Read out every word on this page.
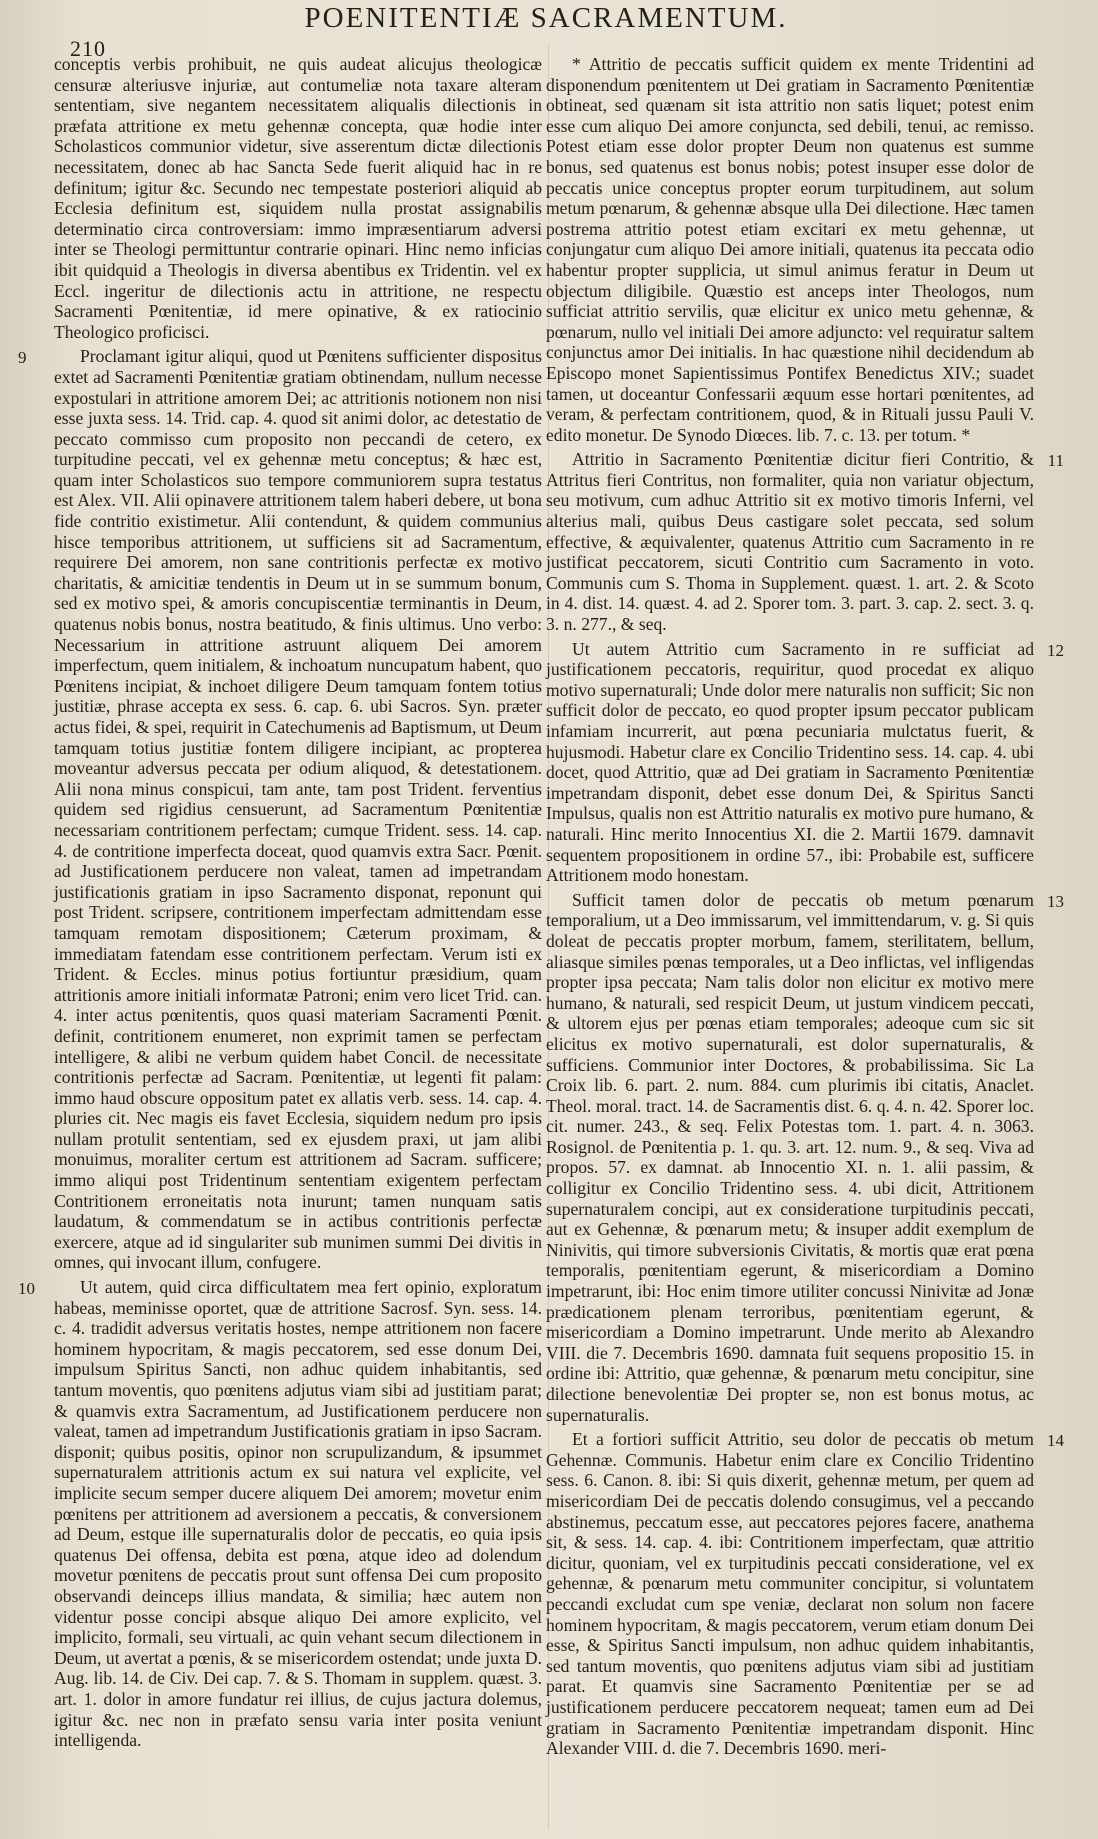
210
POENITENTIÆ SACRAMENTUM.

conceptis verbis prohibuit, ne quis audeat alicujus theologicæ censuræ alteriusve injuriæ, aut contumeliæ nota taxare alteram sententiam, sive negantem necessitatem aliqualis dilectionis in præfata attritione ex metu gehennæ concepta, quæ hodie inter Scholasticos communior videtur, sive asserentum dictæ dilectionis necessitatem, donec ab hac Sancta Sede fuerit aliquid hac in re definitum; igitur &c. Secundo nec tempestate posteriori aliquid ab Ecclesia definitum est, siquidem nulla prostat assignabilis determinatio circa controversiam: immo impræsentiarum adversi inter se Theologi permittuntur contrarie opinari. Hinc nemo inficias ibit quidquid a Theologis in diversa abentibus ex Tridentin. vel ex Eccl. ingeritur de dilectionis actu in attritione, ne respectu Sacramenti Pœnitentiæ, id mere opinative, & ex ratiocinio Theologico proficisci.

9	Proclamant igitur aliqui, quod ut Pœnitens sufficienter dispositus extet ad Sacramenti Pœnitentiæ gratiam obtinendam, nullum necesse expostulari in attritione amorem Dei; ac attritionis notionem non nisi esse juxta sess. 14. Trid. cap. 4. quod sit animi dolor, ac detestatio de peccato commisso cum proposito non peccandi de cetero, ex turpitudine peccati, vel ex gehennæ metu conceptus; & hæc est, quam inter Scholasticos suo tempore communiorem supra testatus est Alex. VII. Alii opinavere attritionem talem haberi debere, ut bona fide contritio existimetur. Alii contendunt, & quidem communius hisce temporibus attritionem, ut sufficiens sit ad Sacramentum, requirere Dei amorem, non sane contritionis perfectæ ex motivo charitatis, & amicitiæ tendentis in Deum ut in se summum bonum, sed ex motivo spei, & amoris concupiscentiæ terminantis in Deum, quatenus nobis bonus, nostra beatitudo, & finis ultimus. Uno verbo: Necessarium in attritione astruunt aliquem Dei amorem imperfectum, quem initialem, & inchoatum nuncupatum habent, quo Pœnitens incipiat, & inchoet diligere Deum tamquam fontem totius justitiæ, phrase accepta ex sess. 6. cap. 6. ubi Sacros. Syn. præter actus fidei, & spei, requirit in Catechumenis ad Baptismum, ut Deum tamquam totius justitiæ fontem diligere incipiant, ac propterea moveantur adversus peccata per odium aliquod, & detestationem. Alii nona minus conspicui, tam ante, tam post Trident. ferventius quidem sed rigidius censuerunt, ad Sacramentum Pœnitentiæ necessariam contritionem perfectam; cumque Trident. sess. 14. cap. 4. de contritione imperfecta doceat, quod quamvis extra Sacr. Pœnit. ad Justificationem perducere non valeat, tamen ad impetrandam justificationis gratiam in ipso Sacramento disponat, reponunt qui post Trident. scripsere, contritionem imperfectam admittendam esse tamquam remotam dispositionem; Cæterum proximam, & immediatam fatendam esse contritionem perfectam. Verum isti ex Trident. & Eccles. minus potius fortiuntur præsidium, quam attritionis amore initiali informatæ Patroni; enim vero licet Trid. can. 4. inter actus pœnitentis, quos quasi materiam Sacramenti Pœnit. definit, contritionem enumeret, non exprimit tamen se perfectam intelligere, & alibi ne verbum quidem habet Concil. de necessitate contritionis perfectæ ad Sacram. Pœnitentiæ, ut legenti fit palam: immo haud obscure oppositum patet ex allatis verb. sess. 14. cap. 4. pluries cit. Nec magis eis favet Ecclesia, siquidem nedum pro ipsis nullam protulit sententiam, sed ex ejusdem praxi, ut jam alibi monuimus, moraliter certum est attritionem ad Sacram. sufficere; immo aliqui post Tridentinum sententiam exigentem perfectam Contritionem erroneitatis nota inurunt; tamen nunquam satis laudatum, & commendatum se in actibus contritionis perfectæ exercere, atque ad id singulariter sub munimen summi Dei divitis in omnes, qui invocant illum, confugere.

10	Ut autem, quid circa difficultatem mea fert opinio, exploratum habeas, meminisse oportet, quæ de attritione Sacrosf. Syn. sess. 14. c. 4. tradidit adversus veritatis hostes, nempe attritionem non facere hominem hypocritam, & magis peccatorem, sed esse donum Dei, impulsum Spiritus Sancti, non adhuc quidem inhabitantis, sed tantum moventis, quo pœnitens adjutus viam sibi ad justitiam parat; & quamvis extra Sacramentum, ad Justificationem perducere non valeat, tamen ad impetrandum Justificationis gratiam in ipso Sacram. disponit; quibus positis, opinor non scrupulizandum, & ipsummet supernaturalem attritionis actum ex sui natura vel explicite, vel implicite secum semper ducere aliquem Dei amorem; movetur enim pœnitens per attritionem ad aversionem a peccatis, & conversionem ad Deum, estque ille supernaturalis dolor de peccatis, eo quia ipsis quatenus Dei offensa, debita est pœna, atque ideo ad dolendum movetur pœnitens de peccatis prout sunt offensa Dei cum proposito observandi deinceps illius mandata, & similia; hæc autem non videntur posse concipi absque aliquo Dei amore explicito, vel implicito, formali, seu virtuali, ac quin vehant secum dilectionem in Deum, ut avertat a pœnis, & se misericordem ostendat; unde juxta D. Aug. lib. 14. de Civ. Dei cap. 7. & S. Thomam in supplem. quæst. 3. art. 1. dolor in amore fundatur rei illius, de cujus jactura dolemus, igitur &c. nec non in præfato sensu varia inter posita veniunt intelligenda.

* Attritio de peccatis sufficit quidem ex mente Tridentini ad disponendum pœnitentem ut Dei gratiam in Sacramento Pœnitentiæ obtineat, sed quænam sit ista attritio non satis liquet; potest enim esse cum aliquo Dei amore conjuncta, sed debili, tenui, ac remisso. Potest etiam esse dolor propter Deum non quatenus est summe bonus, sed quatenus est bonus nobis; potest insuper esse dolor de peccatis unice conceptus propter eorum turpitudinem, aut solum metum pœnarum, & gehennæ absque ulla Dei dilectione. Hæc tamen postrema attritio potest etiam excitari ex metu gehennæ, ut conjungatur cum aliquo Dei amore initiali, quatenus ita peccata odio habentur propter supplicia, ut simul animus feratur in Deum ut objectum diligibile. Quæstio est anceps inter Theologos, num sufficiat attritio servilis, quæ elicitur ex unico metu gehennæ, & pœnarum, nullo vel initiali Dei amore adjuncto: vel requiratur saltem conjunctus amor Dei initialis. In hac quæstione nihil decidendum ab Episcopo monet Sapientissimus Pontifex Benedictus XIV.; suadet tamen, ut doceantur Confessarii æquum esse hortari pœnitentes, ad veram, & perfectam contritionem, quod, & in Rituali jussu Pauli V. edito monetur. De Synodo Diœces. lib. 7. c. 13. per totum. *

11

Attritio in Sacramento Pœnitentiæ dicitur fieri Contritio, & Attritus fieri Contritus, non formaliter, quia non variatur objectum, seu motivum, cum adhuc Attritio sit ex motivo timoris Inferni, vel alterius mali, quibus Deus castigare solet peccata, sed solum effective, & æquivalenter, quatenus Attritio cum Sacramento in re justificat peccatorem, sicuti Contritio cum Sacramento in voto. Communis cum S. Thoma in Supplement. quæst. 1. art. 2. & Scoto in 4. dist. 14. quæst. 4. ad 2. Sporer tom. 3. part. 3. cap. 2. sect. 3. q. 3. n. 277., & seq.

12

Ut autem Attritio cum Sacramento in re sufficiat ad justificationem peccatoris, requiritur, quod procedat ex aliquo motivo supernaturali; Unde dolor mere naturalis non sufficit; Sic non sufficit dolor de peccato, eo quod propter ipsum peccator publicam infamiam incurrerit, aut pœna pecuniaria mulctatus fuerit, & hujusmodi. Habetur clare ex Concilio Tridentino sess. 14. cap. 4. ubi docet, quod Attritio, quæ ad Dei gratiam in Sacramento Pœnitentiæ impetrandam disponit, debet esse donum Dei, & Spiritus Sancti Impulsus, qualis non est Attritio naturalis ex motivo pure humano, & naturali. Hinc merito Innocentius XI. die 2. Martii 1679. damnavit sequentem propositionem in ordine 57., ibi: Probabile est, sufficere Attritionem modo honestam.

13

Sufficit tamen dolor de peccatis ob metum pœnarum temporalium, ut a Deo immissarum, vel immittendarum, v. g. Si quis doleat de peccatis propter morbum, famem, sterilitatem, bellum, aliasque similes pœnas temporales, ut a Deo inflictas, vel infligendas propter ipsa peccata; Nam talis dolor non elicitur ex motivo mere humano, & naturali, sed respicit Deum, ut justum vindicem peccati, & ultorem ejus per pœnas etiam temporales; adeoque cum sic sit elicitus ex motivo supernaturali, est dolor supernaturalis, & sufficiens. Communior inter Doctores, & probabilissima. Sic La Croix lib. 6. part. 2. num. 884. cum plurimis ibi citatis, Anaclet. Theol. moral. tract. 14. de Sacramentis dist. 6. q. 4. n. 42. Sporer loc. cit. numer. 243., & seq. Felix Potestas tom. 1. part. 4. n. 3063. Rosignol. de Pœnitentia p. 1. qu. 3. art. 12. num. 9., & seq. Viva ad propos. 57. ex damnat. ab Innocentio XI. n. 1. alii passim, & colligitur ex Concilio Tridentino sess. 4. ubi dicit, Attritionem supernaturalem concipi, aut ex consideratione turpitudinis peccati, aut ex Gehennæ, & pœnarum metu; & insuper addit exemplum de Ninivitis, qui timore subversionis Civitatis, & mortis quæ erat pœna temporalis, pœnitentiam egerunt, & misericordiam a Domino impetrarunt, ibi: Hoc enim timore utiliter concussi Ninivitæ ad Jonæ prædicationem plenam terroribus, pœnitentiam egerunt, & misericordiam a Domino impetrarunt. Unde merito ab Alexandro VIII. die 7. Decembris 1690. damnata fuit sequens propositio 15. in ordine ibi: Attritio, quæ gehennæ, & pœnarum metu concipitur, sine dilectione benevolentiæ Dei propter se, non est bonus motus, ac supernaturalis.

14

Et a fortiori sufficit Attritio, seu dolor de peccatis ob metum Gehennæ. Communis. Habetur enim clare ex Concilio Tridentino sess. 6. Canon. 8. ibi: Si quis dixerit, gehennæ metum, per quem ad misericordiam Dei de peccatis dolendo consugimus, vel a peccando abstinemus, peccatum esse, aut peccatores pejores facere, anathema sit, & sess. 14. cap. 4. ibi: Contritionem imperfectam, quæ attritio dicitur, quoniam, vel ex turpitudinis peccati consideratione, vel ex gehennæ, & pœnarum metu communiter concipitur, si voluntatem peccandi excludat cum spe veniæ, declarat non solum non facere hominem hypocritam, & magis peccatorem, verum etiam donum Dei esse, & Spiritus Sancti impulsum, non adhuc quidem inhabitantis, sed tantum moventis, quo pœnitens adjutus viam sibi ad justitiam parat. Et quamvis sine Sacramento Pœnitentiæ per se ad justificationem perducere peccatorem nequeat; tamen eum ad Dei gratiam in Sacramento Pœnitentiæ impetrandam disponit. Hinc Alexander VIII. d. die 7. Decembris 1690. meri-
